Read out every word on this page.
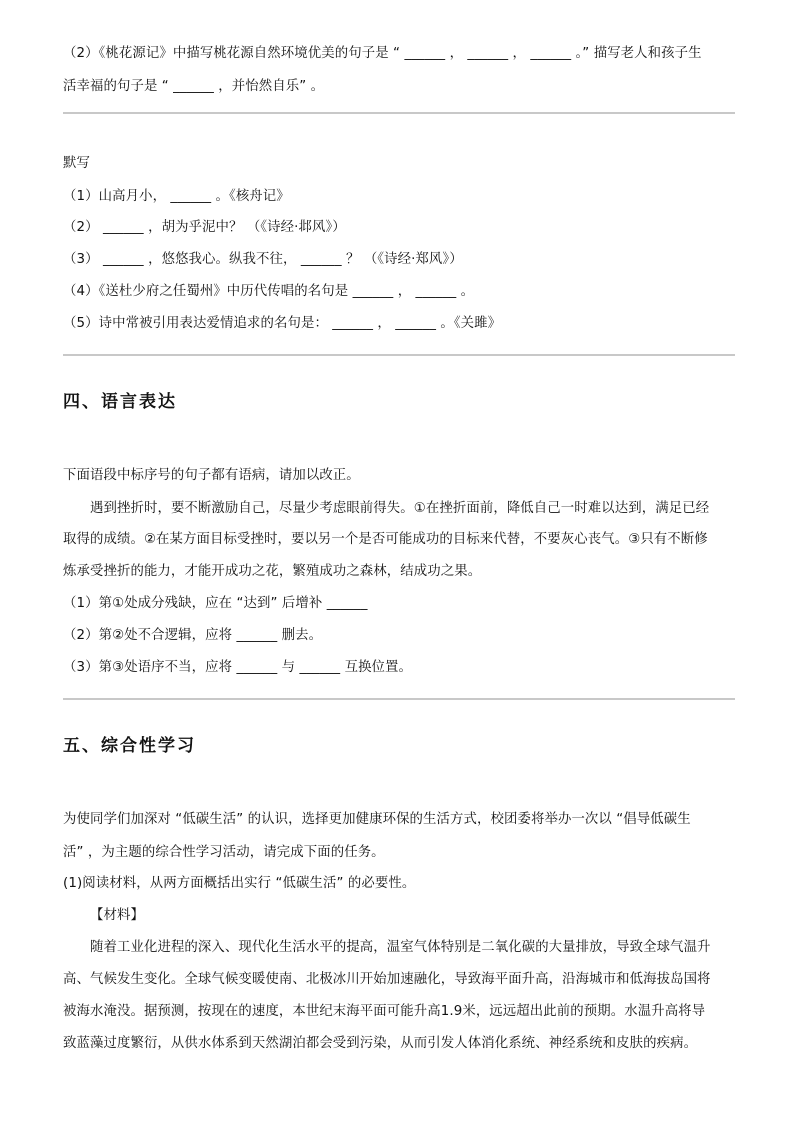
（2）《桃花源记》中描写桃花源自然环境优美的句子是 “ ______ ， ______ ， ______ 。” 描写老人和孩子生
活幸福的句子是 “ ______ ，并怡然自乐” 。
默写
（1）山高月小， ______ 。《核舟记》
（2） ______ ，胡为乎泥中？ （《诗经·邶风》）
（3） ______ ，悠悠我心。纵我不往， ______ ？ （《诗经·郑风》）
（4）《送杜少府之任蜀州》中历代传唱的名句是 ______ ， ______ 。
（5）诗中常被引用表达爱情追求的名句是： ______ ， ______ 。《关雎》
四、语言表达
下面语段中标序号的句子都有语病，请加以改正。
遇到挫折时，要不断激励自己，尽量少考虑眼前得失。①在挫折面前，降低自己一时难以达到，满足已经
取得的成绩。②在某方面目标受挫时，要以另一个是否可能成功的目标来代替，不要灰心丧气。③只有不断修
炼承受挫折的能力，才能开成功之花，繁殖成功之森林，结成功之果。
（1）第①处成分残缺，应在 “达到” 后增补 ______
（2）第②处不合逻辑，应将 ______ 删去。
（3）第③处语序不当，应将 ______ 与 ______ 互换位置。
五、综合性学习
为使同学们加深对 “低碳生活” 的认识，选择更加健康环保的生活方式，校团委将举办一次以 “倡导低碳生
活” ，为主题的综合性学习活动，请完成下面的任务。
(1)阅读材料，从两方面概括出实行 “低碳生活” 的必要性。
【材料】
随着工业化进程的深入、现代化生活水平的提高，温室气体特别是二氧化碳的大量排放，导致全球气温升
高、气候发生变化。全球气候变暖使南、北极冰川开始加速融化，导致海平面升高，沿海城市和低海拔岛国将
被海水淹没。据预测，按现在的速度，本世纪末海平面可能升高1.9米，远远超出此前的预期。水温升高将导
致蓝藻过度繁衍，从供水体系到天然湖泊都会受到污染，从而引发人体消化系统、神经系统和皮肤的疾病。
